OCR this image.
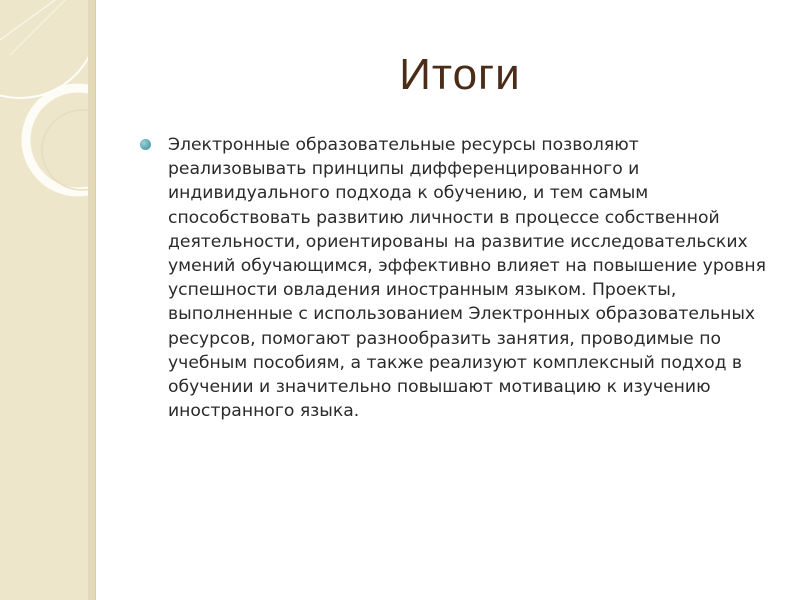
Итоги

Электронные образовательные ресурсы позволяют реализовывать принципы дифференцированного и индивидуального подхода к обучению, и тем самым способствовать развитию личности в процессе собственной деятельности, ориентированы на развитие исследовательских умений обучающимся, эффективно влияет на повышение уровня успешности овладения иностранным языком. Проекты, выполненные с использованием Электронных образовательных ресурсов, помогают разнообразить занятия, проводимые по учебным пособиям, а также реализуют комплексный подход в обучении и значительно повышают мотивацию к изучению иностранного языка.
